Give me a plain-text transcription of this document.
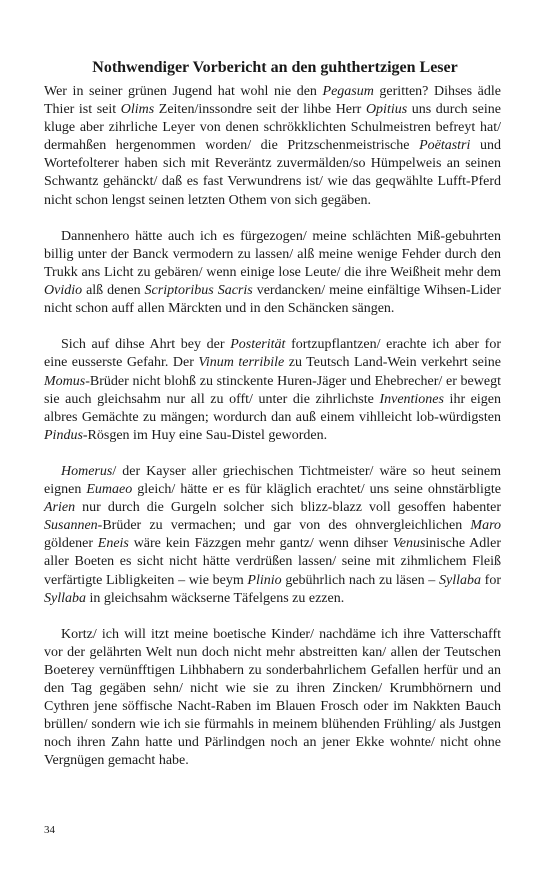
Nothwendiger Vorbericht an den guhthertzigen Leser

Wer in seiner grünen Jugend hat wohl nie den Pegasum geritten? Dihses ädle Thier ist seit Olims Zeiten/inssondre seit der lihbe Herr Opitius uns durch seine kluge aber zihrliche Leyer von denen schrökklichten Schulmeistren befreyt hat/ dermahßen hergenommen worden/ die Pritzschenmeistrische Poëtastri und Wortefolterer haben sich mit Reveräntz zuvermälden/so Hümpelweis an seinen Schwantz gehänckt/ daß es fast Verwundrens ist/ wie das geqwählte Lufft-Pferd nicht schon lengst seinen letzten Othem von sich gegäben.

Dannenhero hätte auch ich es fürgezogen/ meine schlächten Miß-gebuhrten billig unter der Banck vermodern zu lassen/ alß meine wenige Fehder durch den Trukk ans Licht zu gebären/ wenn einige lose Leute/ die ihre Weißheit mehr dem Ovidio alß denen Scriptoribus Sacris verdancken/ meine einfältige Wihsen-Lider nicht schon auff allen Märckten und in den Schäncken sängen.

Sich auf dihse Ahrt bey der Posterität fortzupflantzen/ erachte ich aber for eine eusserste Gefahr. Der Vinum terribile zu Teutsch Land-Wein verkehrt seine Momus-Brüder nicht blohß zu stinckente Huren-Jäger und Ehebrecher/ er bewegt sie auch gleichsahm nur all zu offt/ unter die zihrlichste Inventiones ihr eigen albres Gemächte zu mängen; wordurch dan auß einem vihlleicht lob-würdigsten Pindus-Rösgen im Huy eine Sau-Distel geworden.

Homerus/ der Kayser aller griechischen Tichtmeister/ wäre so heut seinem eignen Eumaeo gleich/ hätte er es für kläglich erachtet/ uns seine ohnstärbligte Arien nur durch die Gurgeln solcher sich blizz-blazz voll gesoffen habenter Susannen-Brüder zu vermachen; und gar von des ohnvergleichlichen Maro göldener Eneis wäre kein Fäzzgen mehr gantz/ wenn dihser Venusinische Adler aller Boeten es sicht nicht hätte verdrüßen lassen/ seine mit zihmlichem Fleiß verfärtigte Libligkeiten – wie beym Plinio gebührlich nach zu läsen – Syllaba for Syllaba in gleichsahm wäckserne Täfelgens zu ezzen.

Kortz/ ich will itzt meine boetische Kinder/ nachdäme ich ihre Vatterschafft vor der gelährten Welt nun doch nicht mehr abstreitten kan/ allen der Teutschen Boeterey vernünfftigen Lihbhabern zu sonderbahrlichem Gefallen herfür und an den Tag gegäben sehn/ nicht wie sie zu ihren Zincken/ Krumbhörnern und Cythren jene söffische Nacht-Raben im Blauen Frosch oder im Nakkten Bauch brüllen/ sondern wie ich sie fürmahls in meinem blühenden Frühling/ als Justgen noch ihren Zahn hatte und Pärlindgen noch an jener Ekke wohnte/ nicht ohne Vergnügen gemacht habe.

34
